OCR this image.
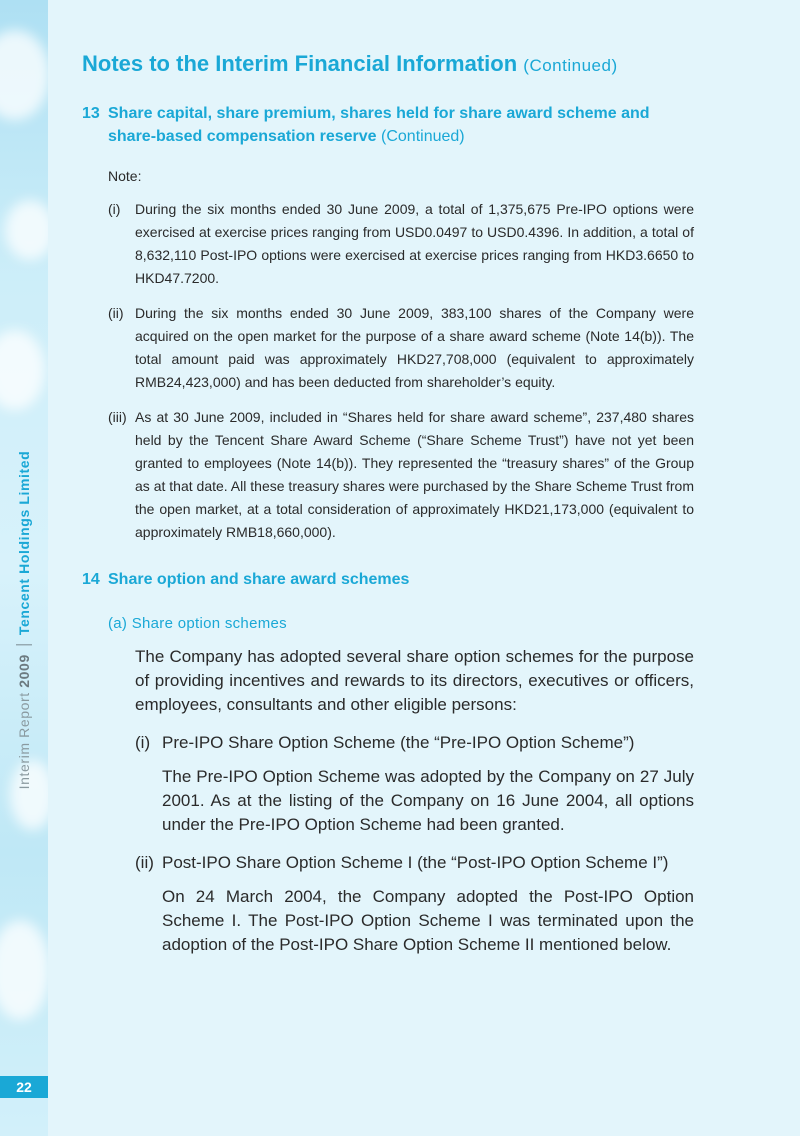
Interim Report 2009Tencent Holdings Limited
22
Notes to the Interim Financial Information (Continued)
13 Share capital, share premium, shares held for share award scheme and share-based compensation reserve (Continued)
Note:
(i)	During the six months ended 30 June 2009, a total of 1,375,675 Pre-IPO options were exercised at exercise prices ranging from USD0.0497 to USD0.4396. In addition, a total of 8,632,110 Post-IPO options were exercised at exercise prices ranging from HKD3.6650 to HKD47.7200.
(ii) During the six months ended 30 June 2009, 383,100 shares of the Company were acquired on the open market for the purpose of a share award scheme (Note 14(b)). The total amount paid was approximately HKD27,708,000 (equivalent to approximately RMB24,423,000) and has been deducted from shareholder’s equity.
(iii) As at 30 June 2009, included in “Shares held for share award scheme”, 237,480 shares held by the Tencent Share Award Scheme (“Share Scheme Trust”) have not yet been granted to employees (Note 14(b)). They represented the “treasury shares” of the Group as at that date. All these treasury shares were purchased by the Share Scheme Trust from the open market, at a total consideration of approximately HKD21,173,000 (equivalent to approximately RMB18,660,000).
14 Share option and share award schemes
(a) Share option schemes

The Company has adopted several share option schemes for the purpose of providing incentives and rewards to its directors, executives or officers, employees, consultants and other eligible persons:

(i) Pre-IPO Share Option Scheme (the “Pre-IPO Option Scheme”)

The Pre-IPO Option Scheme was adopted by the Company on 27 July 2001. As at the listing of the Company on 16 June 2004, all options under the Pre-IPO Option Scheme had been granted.

(ii) Post-IPO Share Option Scheme I (the “Post-IPO Option Scheme I”)

On 24 March 2004, the Company adopted the Post-IPO Option Scheme I. The Post-IPO Option Scheme I was terminated upon the adoption of the Post-IPO Share Option Scheme II mentioned below.
